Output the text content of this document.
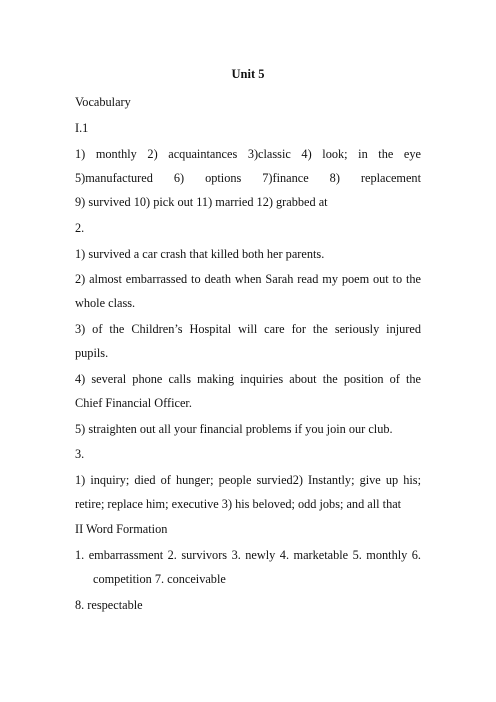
Unit 5
Vocabulary
I.1
1) monthly 2) acquaintances 3)classic 4) look; in the eye
5)manufactured 6) options 7)finance 8) replacement
9) survived 10) pick out 11) married 12) grabbed at
2.
1) survived a car crash that killed both her parents.
2) almost embarrassed to death when Sarah read my poem out to the
whole class.
3) of the Children’s Hospital will care for the seriously injured
pupils.
4) several phone calls making inquiries about the position of the
Chief Financial Officer.
5) straighten out all your financial problems if you join our club.
3.
1) inquiry; died of hunger; people survied2) Instantly; give up his;
retire; replace him; executive 3) his beloved; odd jobs; and all that
II Word Formation
1. embarrassment 2. survivors 3. newly 4. marketable 5. monthly 6.
competition 7. conceivable
8. respectable
